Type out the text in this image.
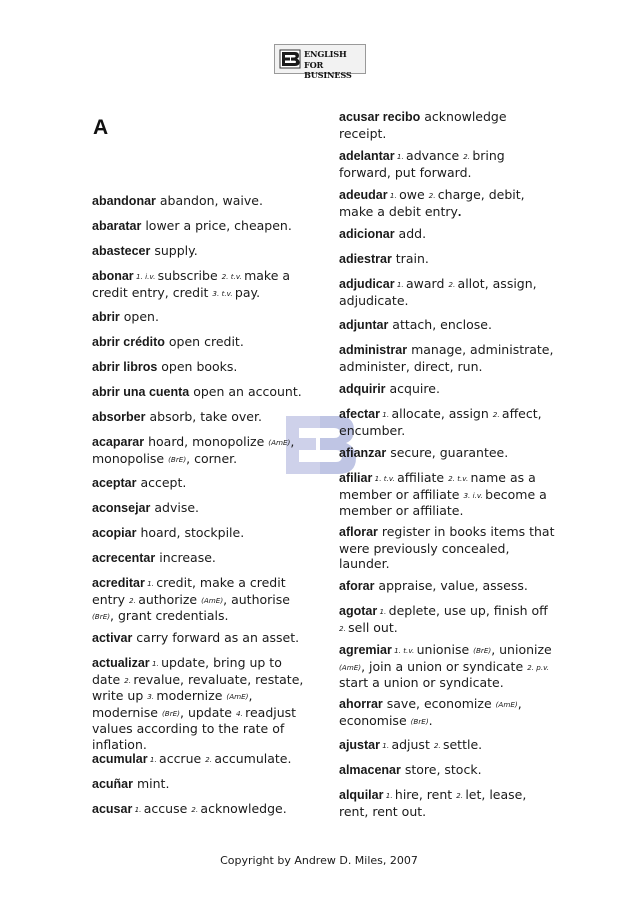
ENGLISH
FOR BUSINESS
A
abandonar abandon, waive.
abaratar lower a price, cheapen.
abastecer supply.
abonar 1. i.v. subscribe 2. t.v. make a credit entry, credit 3. t.v. pay.
abrir open.
abrir crédito open credit.
abrir libros open books.
abrir una cuenta open an account.
absorber absorb, take over.
acaparar hoard, monopolize (AmE), monopolise (BrE), corner.
aceptar accept.
aconsejar advise.
acopiar hoard, stockpile.
acrecentar increase.
acreditar 1. credit, make a credit entry 2. authorize (AmE), authorise (BrE), grant credentials.
activar carry forward as an asset.
actualizar 1. update, bring up to date 2. revalue, revaluate, restate, write up 3. modernize (AmE), modernise (BrE), update 4. readjust values according to the rate of inflation.
acumular 1. accrue 2. accumulate.
acuñar mint.
acusar 1. accuse 2. acknowledge.
acusar recibo acknowledge receipt.
adelantar 1. advance 2. bring forward, put forward.
adeudar 1. owe 2. charge, debit, make a debit entry.
adicionar add.
adiestrar train.
adjudicar 1. award 2. allot, assign, adjudicate.
adjuntar attach, enclose.
administrar manage, administrate, administer, direct, run.
adquirir acquire.
afectar 1. allocate, assign 2. affect, encumber.
afianzar secure, guarantee.
afiliar 1. t.v. affiliate 2. t.v. name as a member or affiliate 3. i.v. become a member or affiliate.
aflorar register in books items that were previously concealed, launder.
aforar appraise, value, assess.
agotar 1. deplete, use up, finish off 2. sell out.
agremiar 1. t.v. unionise (BrE), unionize (AmE), join a union or syndicate 2. p.v. start a union or syndicate.
ahorrar save, economize (AmE), economise (BrE).
ajustar 1. adjust 2. settle.
almacenar store, stock.
alquilar 1. hire, rent 2. let, lease, rent, rent out.
Copyright by Andrew D. Miles, 2007
